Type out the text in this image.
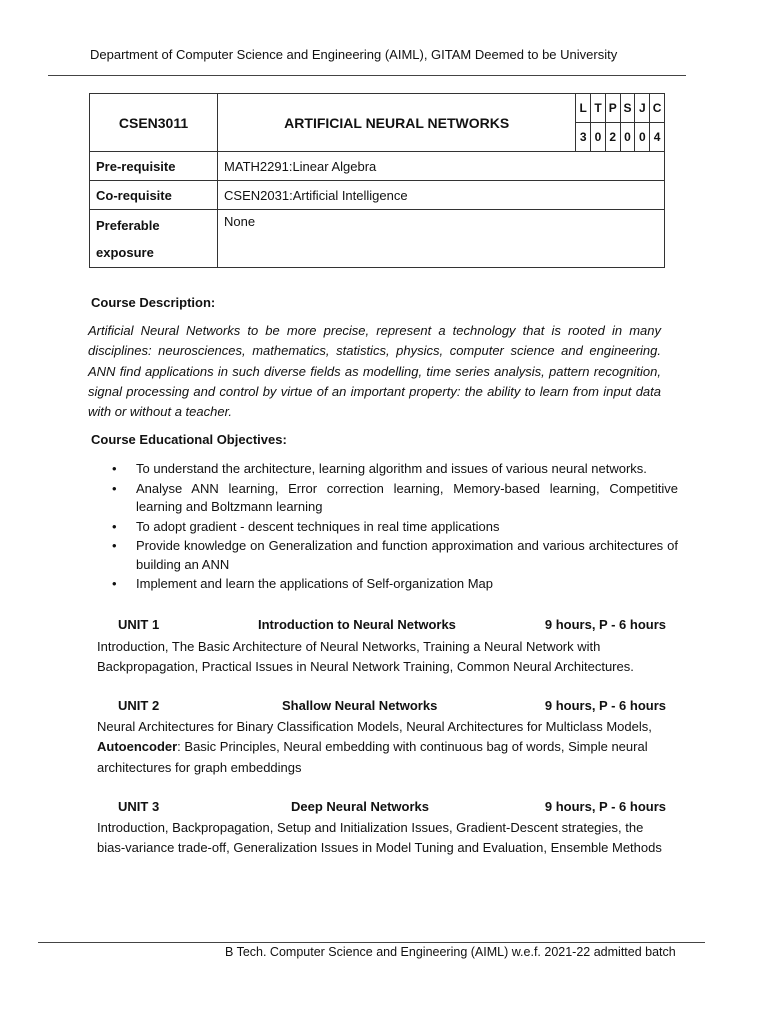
Department of Computer Science and Engineering (AIML), GITAM Deemed to be University
CSEN3011	ARTIFICIAL NEURAL NETWORKS	L	T	P	S	J	C
		3	0	2	0	0	4
Pre-requisite	MATH2291:Linear Algebra						
Co-requisite	CSEN2031:Artificial Intelligence						
Preferable
exposure	None						
Course Description:

Artificial Neural Networks to be more precise, represent a technology that is rooted in many disciplines: neurosciences, mathematics, statistics, physics, computer science and engineering. ANN find applications in such diverse fields as modelling, time series analysis, pattern recognition, signal processing and control by virtue of an important property: the ability to learn from input data with or without a teacher.

Course Educational Objectives:
• To understand the architecture, learning algorithm and issues of various neural networks.
• Analyse ANN learning, Error correction learning, Memory-based learning, Competitive learning and Boltzmann learning
• To adopt gradient - descent techniques in real time applications
• Provide knowledge on Generalization and function approximation and various architectures of building an ANN
• Implement and learn the applications of Self-organization Map
UNIT 1	Introduction to Neural Networks	9 hours, P - 6 hours

Introduction, The Basic Architecture of Neural Networks, Training a Neural Network with Backpropagation, Practical Issues in Neural Network Training, Common Neural Architectures.

UNIT 2	Shallow Neural Networks	9 hours, P - 6 hours

Neural Architectures for Binary Classification Models, Neural Architectures for Multiclass Models, Autoencoder: Basic Principles, Neural embedding with continuous bag of words, Simple neural architectures for graph embeddings

UNIT 3	Deep Neural Networks	9 hours, P - 6 hours

Introduction, Backpropagation, Setup and Initialization Issues, Gradient-Descent strategies, the bias-variance trade-off, Generalization Issues in Model Tuning and Evaluation, Ensemble Methods

B Tech. Computer Science and Engineering (AIML) w.e.f. 2021-22 admitted batch
